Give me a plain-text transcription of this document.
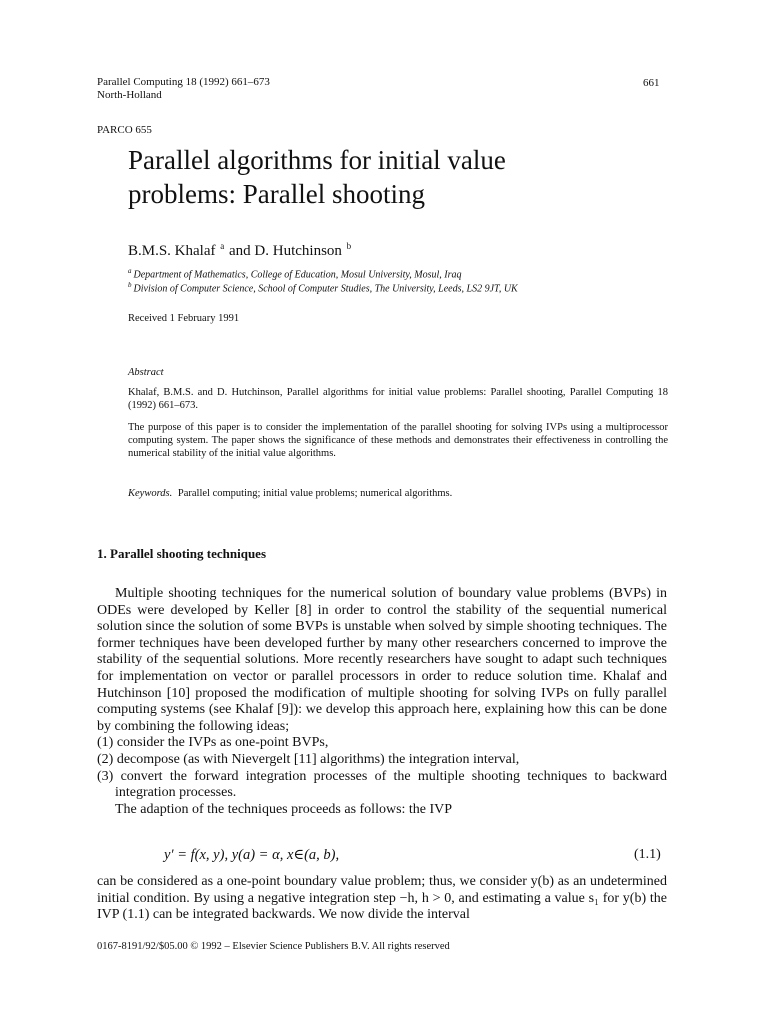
Parallel Computing 18 (1992) 661–673
North-Holland
661
PARCO 655
Parallel algorithms for initial value
problems: Parallel shooting
B.M.S. Khalaf $^a$ and D. Hutchinson $^b$
$^a$ Department of Mathematics, College of Education, Mosul University, Mosul, Iraq
$^b$ Division of Computer Science, School of Computer Studies, The University, Leeds, LS2 9JT, UK
Received 1 February 1991
Abstract
Khalaf, B.M.S. and D. Hutchinson, Parallel algorithms for initial value problems: Parallel shooting, Parallel Computing 18 (1992) 661–673.
The purpose of this paper is to consider the implementation of the parallel shooting for solving IVPs using a multiprocessor computing system. The paper shows the significance of these methods and demonstrates their effectiveness in controlling the numerical stability of the initial value algorithms.
Keywords. Parallel computing; initial value problems; numerical algorithms.
1. Parallel shooting techniques

Multiple shooting techniques for the numerical solution of boundary value problems (BVPs) in ODEs were developed by Keller [8] in order to control the stability of the sequential numerical solution since the solution of some BVPs is unstable when solved by simple shooting techniques. The former techniques have been developed further by many other researchers concerned to improve the stability of the sequential solutions. More recently researchers have sought to adapt such techniques for implementation on vector or parallel processors in order to reduce solution time. Khalaf and Hutchinson [10] proposed the modification of multiple shooting for solving IVPs on fully parallel computing systems (see Khalaf [9]): we develop this approach here, explaining how this can be done by combining the following ideas;

(1) consider the IVPs as one-point BVPs,

(2) decompose (as with Nievergelt [11] algorithms) the integration interval,

(3) convert the forward integration processes of the multiple shooting techniques to backward integration processes.

The adaption of the techniques proceeds as follows: the IVP

y′ = f(x, y), y(a) = α, x∈(a, b),	(1.1)
can be considered as a one-point boundary value problem; thus, we consider y(b) as an undetermined initial condition. By using a negative integration step −h, h > 0, and estimating a value s₁ for y(b) the IVP (1.1) can be integrated backwards. We now divide the interval
0167-8191/92/$05.00 © 1992 – Elsevier Science Publishers B.V. All rights reserved
